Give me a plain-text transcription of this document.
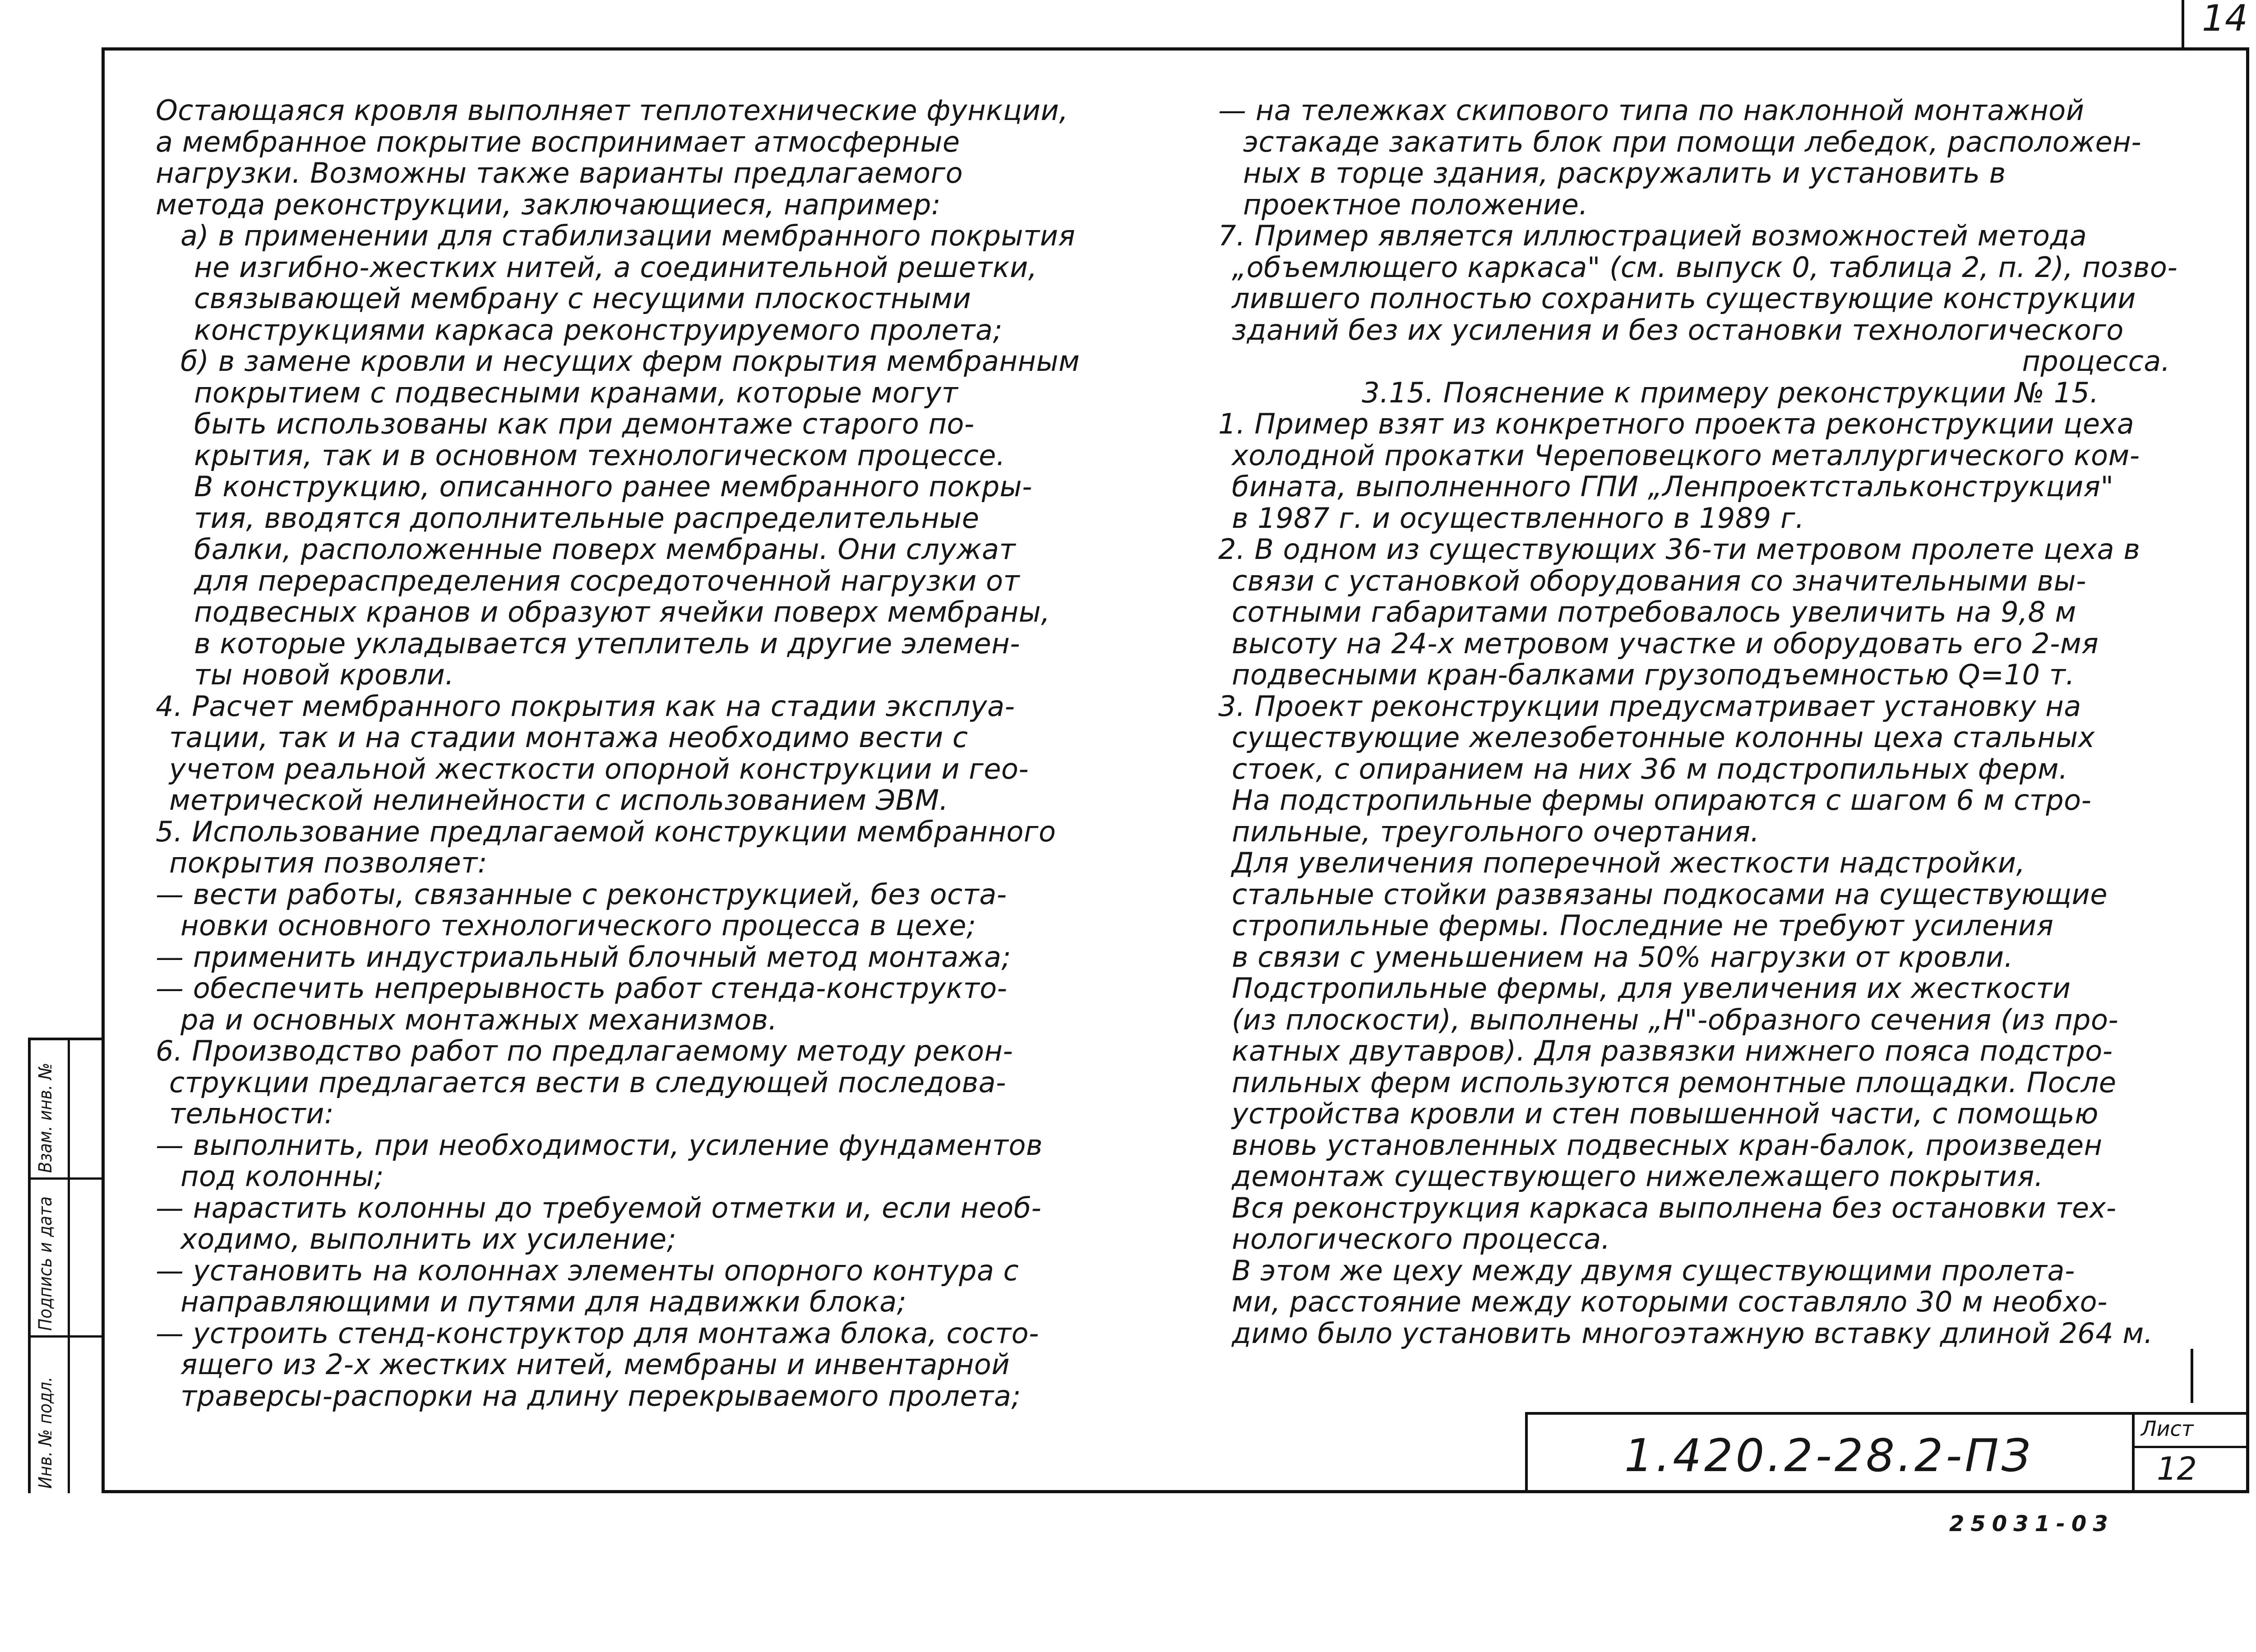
14
Взам. инв. №
Подпись и дата
Инв. № подл.

Остающаяся кровля выполняет теплотехнические функции,

а мембранное покрытие воспринимает атмосферные

нагрузки. Возможны также варианты предлагаемого

метода реконструкции, заключающиеся, например:

а) в применении для стабилизации мембранного покрытия

не изгибно-жестких нитей, а соединительной решетки,

связывающей мембрану с несущими плоскостными

конструкциями каркаса реконструируемого пролета;

б) в замене кровли и несущих ферм покрытия мембранным

покрытием с подвесными кранами, которые могут

быть использованы как при демонтаже старого по-

крытия, так и в основном технологическом процессе.

В конструкцию, описанного ранее мембранного покры-

тия, вводятся дополнительные распределительные

балки, расположенные поверх мембраны. Они служат

для перераспределения сосредоточенной нагрузки от

подвесных кранов и образуют ячейки поверх мембраны,

в которые укладывается утеплитель и другие элемен-

ты новой кровли.

4. Расчет мембранного покрытия как на стадии эксплуа-

тации, так и на стадии монтажа необходимо вести с

учетом реальной жесткости опорной конструкции и гео-

метрической нелинейности с использованием ЭВМ.

5. Использование предлагаемой конструкции мембранного

покрытия позволяет:

— вести работы, связанные с реконструкцией, без оста-

новки основного технологического процесса в цехе;

— применить индустриальный блочный метод монтажа;

— обеспечить непрерывность работ стенда-конструкто-

ра и основных монтажных механизмов.

6. Производство работ по предлагаемому методу рекон-

струкции предлагается вести в следующей последова-

тельности:

— выполнить, при необходимости, усиление фундаментов

под колонны;

— нарастить колонны до требуемой отметки и, если необ-

ходимо, выполнить их усиление;

— установить на колоннах элементы опорного контура с

направляющими и путями для надвижки блока;

— устроить стенд-конструктор для монтажа блока, состо-

ящего из 2-х жестких нитей, мембраны и инвентарной

траверсы-распорки на длину перекрываемого пролета;

— на тележках скипового типа по наклонной монтажной

эстакаде закатить блок при помощи лебедок, расположен-

ных в торце здания, раскружалить и установить в

проектное положение.

7. Пример является иллюстрацией возможностей метода

„объемлющего каркаса" (см. выпуск 0, таблица 2, п. 2), позво-

лившего полностью сохранить существующие конструкции

зданий без их усиления и без остановки технологического

процесса.

3.15. Пояснение к примеру реконструкции № 15.

1. Пример взят из конкретного проекта реконструкции цеха

холодной прокатки Череповецкого металлургического ком-

бината, выполненного ГПИ „Ленпроектстальконструкция"

в 1987 г. и осуществленного в 1989 г.

2. В одном из существующих 36-ти метровом пролете цеха в

связи с установкой оборудования со значительными вы-

сотными габаритами потребовалось увеличить на 9,8 м

высоту на 24-х метровом участке и оборудовать его 2-мя

подвесными кран-балками грузоподъемностью Q=10 т.

3. Проект реконструкции предусматривает установку на

существующие железобетонные колонны цеха стальных

стоек, с опиранием на них 36 м подстропильных ферм.

На подстропильные фермы опираются с шагом 6 м стро-

пильные, треугольного очертания.

Для увеличения поперечной жесткости надстройки,

стальные стойки развязаны подкосами на существующие

стропильные фермы. Последние не требуют усиления

в связи с уменьшением на 50% нагрузки от кровли.

Подстропильные фермы, для увеличения их жесткости

(из плоскости), выполнены „Н"-образного сечения (из про-

катных двутавров). Для развязки нижнего пояса подстро-

пильных ферм используются ремонтные площадки. После

устройства кровли и стен повышенной части, с помощью

вновь установленных подвесных кран-балок, произведен

демонтаж существующего нижележащего покрытия.

Вся реконструкция каркаса выполнена без остановки тех-

нологического процесса.

В этом же цеху между двумя существующими пролета-

ми, расстояние между которыми составляло 30 м необхо-

димо было установить многоэтажную вставку длиной 264 м.

1.420.2-28.2-ПЗ
Лист
12
25031-03
